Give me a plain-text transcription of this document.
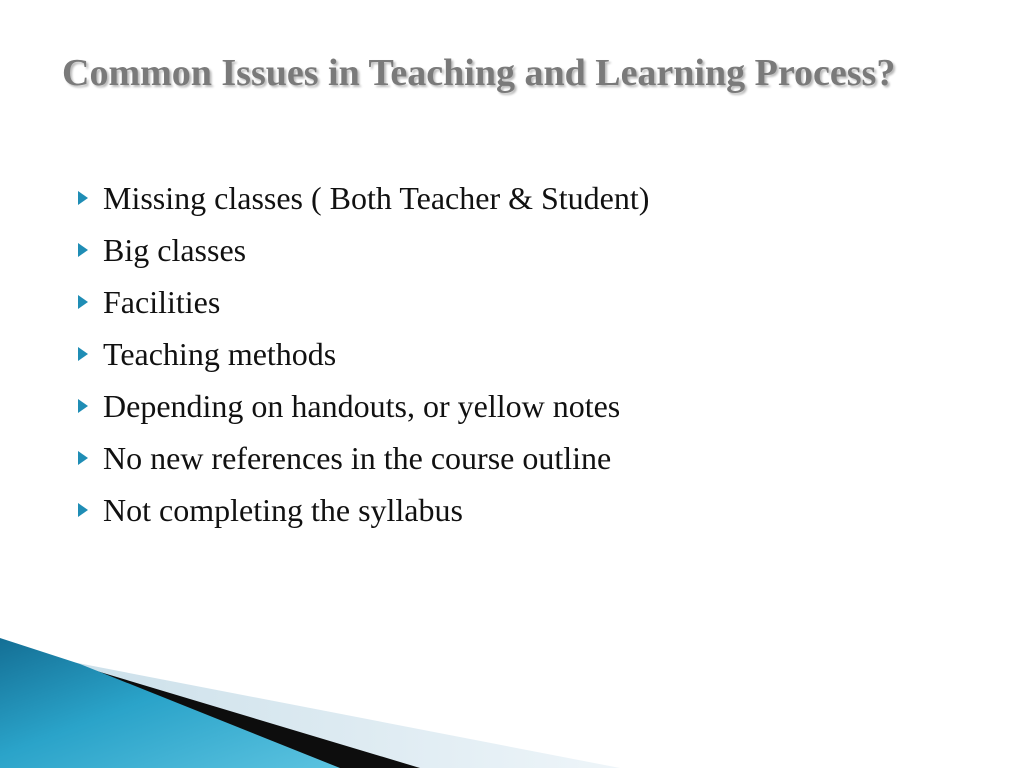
Common Issues in Teaching and Learning Process?
Missing classes ( Both Teacher & Student)
Big classes
Facilities
Teaching methods
Depending on handouts, or yellow notes
No new references in the course outline
Not completing the syllabus
